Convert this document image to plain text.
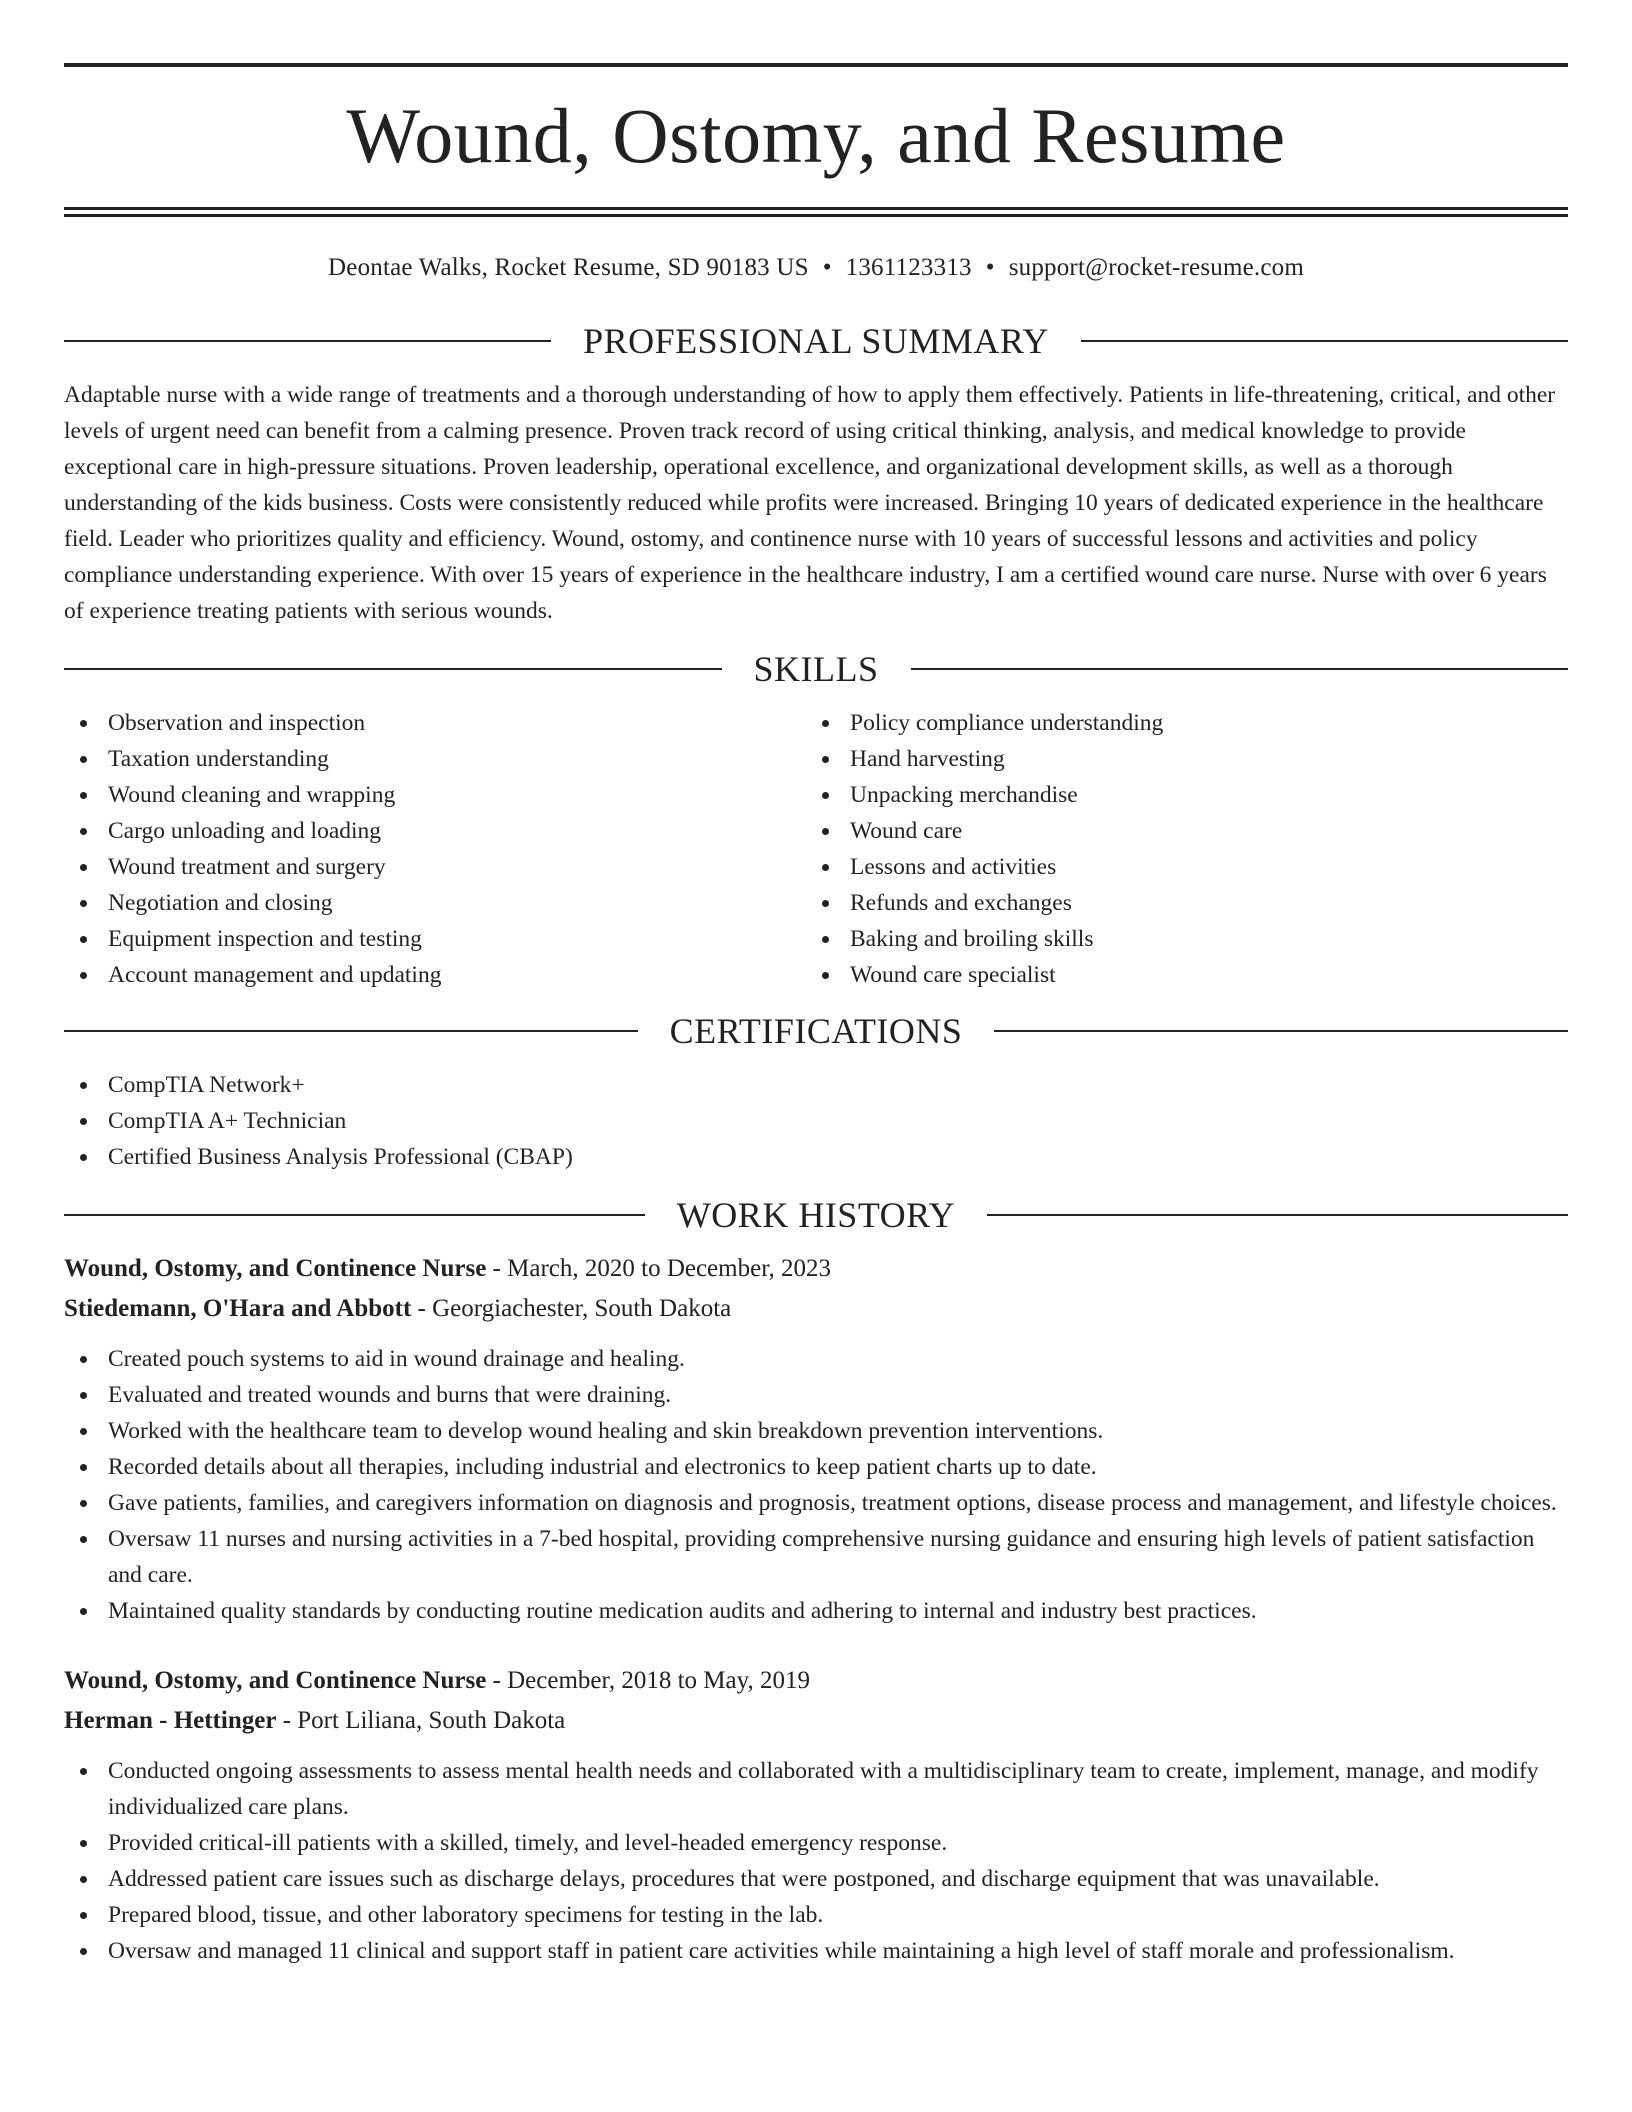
Wound, Ostomy, and Resume
Deontae Walks, Rocket Resume, SD 90183 US • 1361123313 • support@rocket-resume.com
PROFESSIONAL SUMMARY

Adaptable nurse with a wide range of treatments and a thorough understanding of how to apply them effectively. Patients in life-threatening, critical, and other levels of urgent need can benefit from a calming presence. Proven track record of using critical thinking, analysis, and medical knowledge to provide exceptional care in high-pressure situations. Proven leadership, operational excellence, and organizational development skills, as well as a thorough understanding of the kids business. Costs were consistently reduced while profits were increased. Bringing 10 years of dedicated experience in the healthcare field. Leader who prioritizes quality and efficiency. Wound, ostomy, and continence nurse with 10 years of successful lessons and activities and policy compliance understanding experience. With over 15 years of experience in the healthcare industry, I am a certified wound care nurse. Nurse with over 6 years of experience treating patients with serious wounds.

SKILLS
Observation and inspection
Taxation understanding
Wound cleaning and wrapping
Cargo unloading and loading
Wound treatment and surgery
Negotiation and closing
Equipment inspection and testing
Account management and updating
Policy compliance understanding
Hand harvesting
Unpacking merchandise
Wound care
Lessons and activities
Refunds and exchanges
Baking and broiling skills
Wound care specialist
CERTIFICATIONS
CompTIA Network+
CompTIA A+ Technician
Certified Business Analysis Professional (CBAP)
WORK HISTORY
Wound, Ostomy, and Continence Nurse - March, 2020 to December, 2023
Stiedemann, O'Hara and Abbott - Georgiachester, South Dakota
Created pouch systems to aid in wound drainage and healing.
Evaluated and treated wounds and burns that were draining.
Worked with the healthcare team to develop wound healing and skin breakdown prevention interventions.
Recorded details about all therapies, including industrial and electronics to keep patient charts up to date.
Gave patients, families, and caregivers information on diagnosis and prognosis, treatment options, disease process and management, and lifestyle choices.
Oversaw 11 nurses and nursing activities in a 7-bed hospital, providing comprehensive nursing guidance and ensuring high levels of patient satisfaction and care.
Maintained quality standards by conducting routine medication audits and adhering to internal and industry best practices.
Wound, Ostomy, and Continence Nurse - December, 2018 to May, 2019
Herman - Hettinger - Port Liliana, South Dakota
Conducted ongoing assessments to assess mental health needs and collaborated with a multidisciplinary team to create, implement, manage, and modify individualized care plans.
Provided critical-ill patients with a skilled, timely, and level-headed emergency response.
Addressed patient care issues such as discharge delays, procedures that were postponed, and discharge equipment that was unavailable.
Prepared blood, tissue, and other laboratory specimens for testing in the lab.
Oversaw and managed 11 clinical and support staff in patient care activities while maintaining a high level of staff morale and professionalism.
